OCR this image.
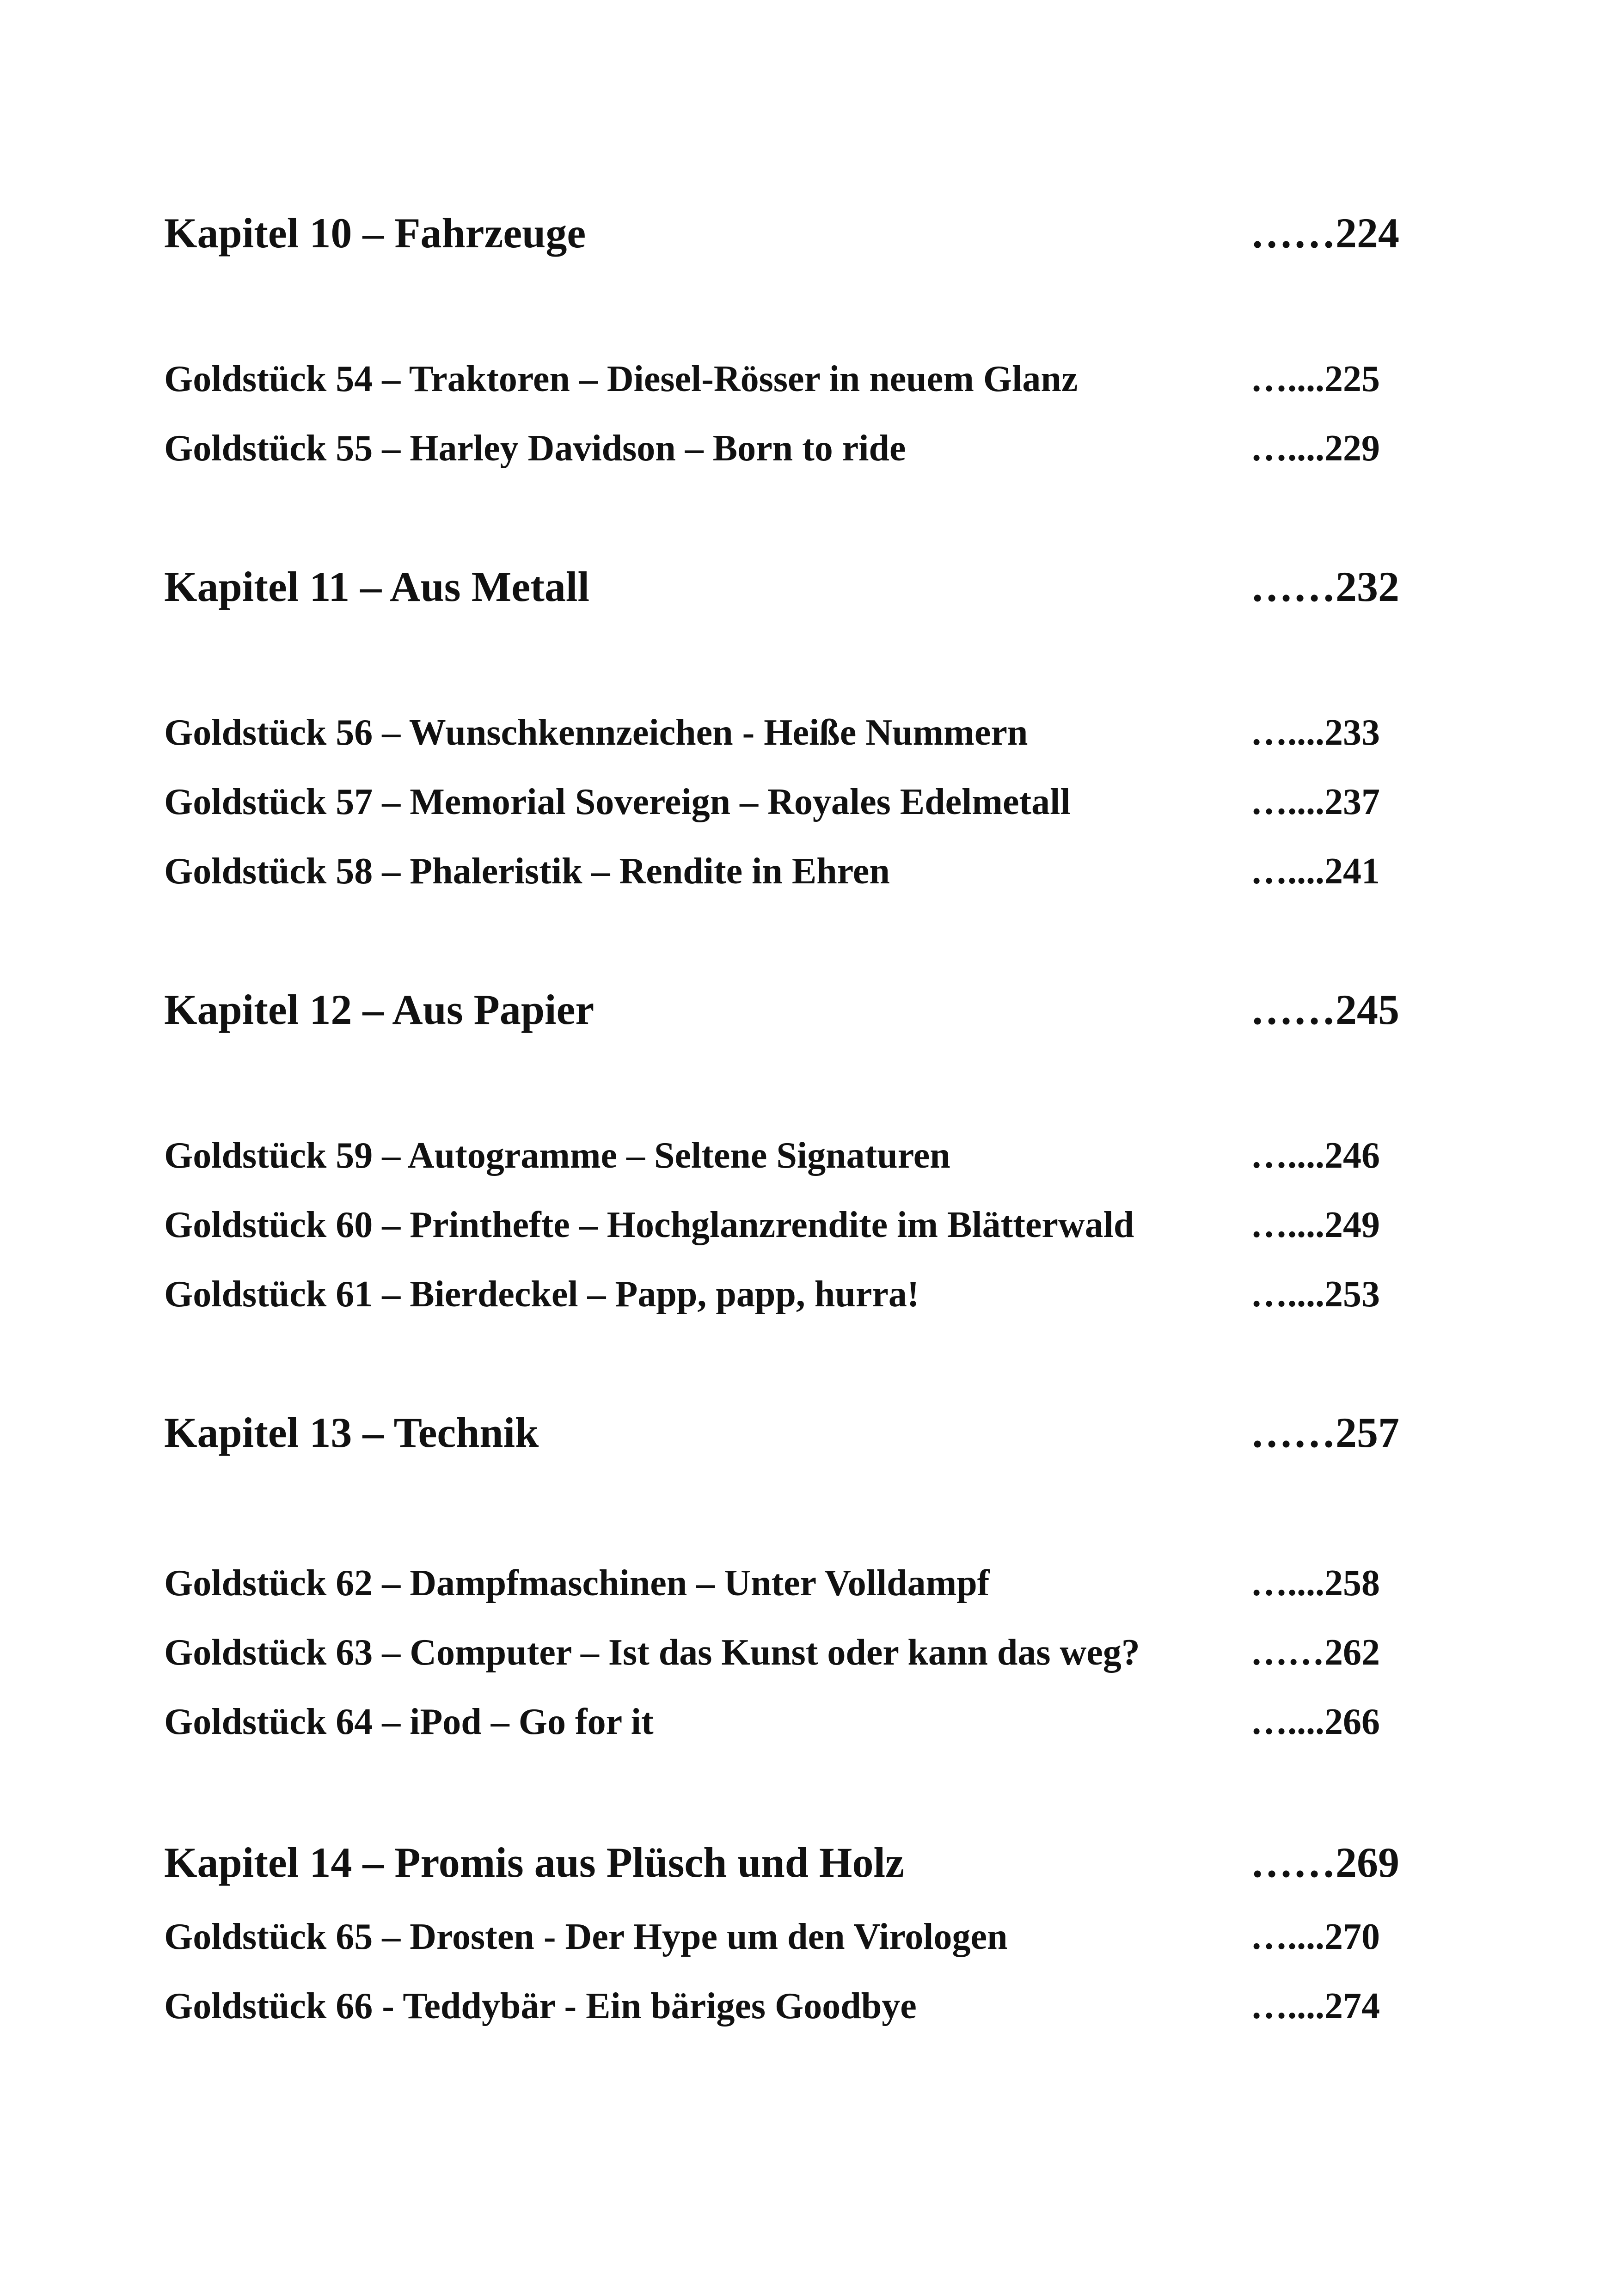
Kapitel 10 – Fahrzeuge	……224
Goldstück 54 – Traktoren – Diesel-Rösser in neuem Glanz	…....225
Goldstück 55 – Harley Davidson – Born to ride	…....229
Kapitel 11 – Aus Metall	……232
Goldstück 56 – Wunschkennzeichen - Heiße Nummern	…....233
Goldstück 57 – Memorial Sovereign – Royales Edelmetall	…....237
Goldstück 58 – Phaleristik – Rendite in Ehren	…....241
Kapitel 12 – Aus Papier	……245
Goldstück 59 – Autogramme – Seltene Signaturen	…....246
Goldstück 60 – Printhefte – Hochglanzrendite im Blätterwald	…....249
Goldstück 61 – Bierdeckel – Papp, papp, hurra!	…....253
Kapitel 13 – Technik	……257
Goldstück 62 – Dampfmaschinen – Unter Volldampf	…....258
Goldstück 63 – Computer – Ist das Kunst oder kann das weg?	……262
Goldstück 64 – iPod – Go for it	…....266
Kapitel 14 – Promis aus Plüsch und Holz	……269
Goldstück 65 – Drosten - Der Hype um den Virologen	…....270
Goldstück 66 - Teddybär - Ein bäriges Goodbye	…....274
